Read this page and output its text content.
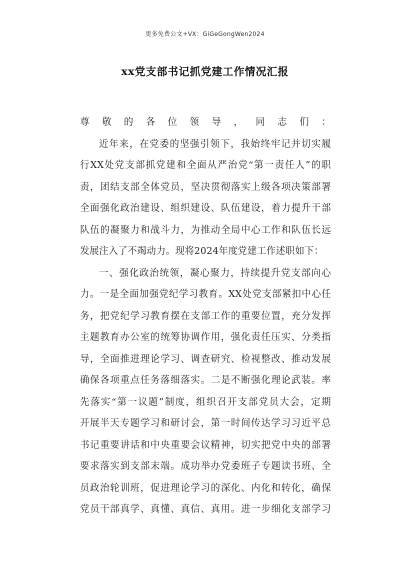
更多免费公文+VX：GiGeGongWen2024
xx党支部书记抓党建工作情况汇报
尊敬的各位领导，同志们：
近年来，在党委的坚强引领下，我始终牢记并切实履
行XX处党支部抓党建和全面从严治党“第一责任人”的职
责，团结支部全体党员，坚决贯彻落实上级各项决策部署
全面强化政治建设、组织建设、队伍建设，着力提升干部
队伍的凝聚力和战斗力，为推动全局中心工作和队伍长远
发展注入了不竭动力。现将2024年度党建工作述职如下：
一、强化政治统领，凝心聚力，持续提升党支部向心
力。一是全面加强党纪学习教育。XX处党支部紧扣中心任
务，把党纪学习教育摆在支部工作的重要位置，充分发挥
主题教育办公室的统筹协调作用，强化责任压实、分类指
导，全面推进理论学习、调查研究、检视整改、推动发展
确保各项重点任务落细落实。二是不断强化理论武装。率
先落实“第一议题”制度，组织召开支部党员大会，定期
开展半天专题学习和研讨会，第一时间传达学习习近平总
书记重要讲话和中央重要会议精神，切实把党中央的部署
要求落实到支部末端。成功举办党委班子专题读书班、全
员政治轮训班，促进理论学习的深化、内化和转化，确保
党员干部真学、真懂、真信、真用。进一步细化支部学习
